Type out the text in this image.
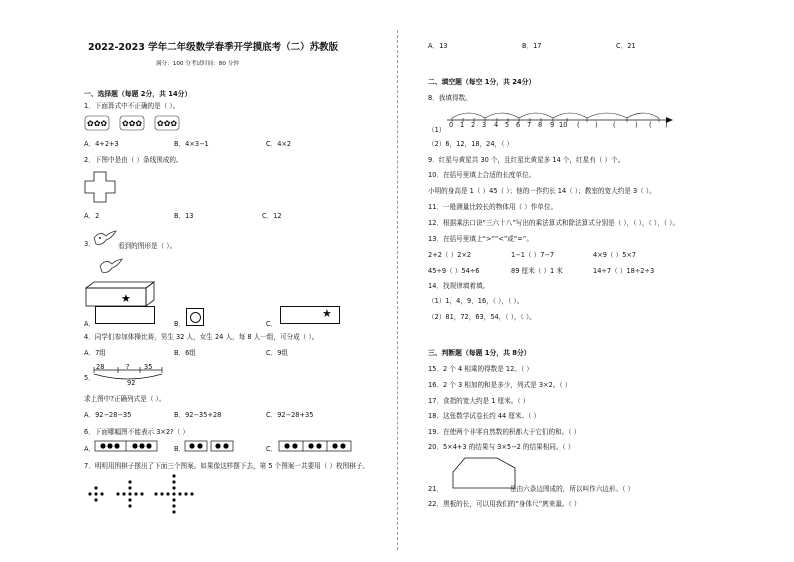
2022-2023 学年二年级数学春季开学摸底考（二）苏教版
满分：100 分考试时间：80 分钟
一、选择题（每题 2分，共 14分）
1．下面算式中不正确的是（ ）。
✿✿✿ ✿✿✿ ✿✿✿
A．4+2+3	B．4×3−1	C．4×2
2．下图中是由（ ）条线围成的。
A．2	B．13	C．12
3．	看到的图形是（ ）。
★
A．	B．	C．
★
4．同学们参加体操比赛，男生 32 人，女生 24 人，每 8 人一组，可分成（ ）。
A．7组	B．6组	C．9组
5．
28	? 35
92
求上图中?正确列式是（ ）。
A．92−28−35	B．92−35+28	C．92−28+35
6．下面哪幅图不能表示 3×2?（ ）
A．	B．	C．
7．明明用围棋子摆出了下面三个图案。如果像这样摆下去，第 5 个图案一共要用（ ）枚围棋子。
A．13	B．17	C．21
二、填空题（每空 1分，共 24分）
8．我填得数。
（1）
0 1 2 3 4 5 6 7 8 9 10 ( ) (	) ( )
（2）6，12，18，24，（ ）
9．红星与黄星共 30 个，且红星比黄星多 14 个，红星有（ ）个。
10．在括号里填上合适的长度单位。
小明的身高是 1（ ）45（ ）；他的一拃约长 14（ ）；教室的宽大约是 3（ ）。
11．一般测量比较长的物体用（ ）作单位。
12．根据乘法口诀“三六十八”写出的乘法算式和除法算式分别是（ ），（ ），（ ），（ ）。
13．在括号里填上“>”“<”或“=”。
2+2（ ）2×2	1−1（ ）7−7	4×9（ ）5×7
45÷9（ ）54÷6	89 厘米（ ）1 米	14÷7（ ）18÷2÷3
14．找规律填着填。
（1）1，4，9，16，（ ），（ ）。
（2）81，72，63，54，（ ），（ ）。
三、判断题（每题 1分，共 8分）
15．2 个 4 相乘的得数是 12。（ ）
16．2 个 3 相加的和是多少，列式是 3×2。（ ）
17．食指的宽大约是 1 厘米。（ ）
18．这张数学试卷长约 44 厘米。（ ）
19．在使两个非零自然数的积都大于它们的和。（ ）
20．5×4+3 的结果与 3×5−2 的结果相同。（ ）
21．	是由六条边围成的，所以叫作六边形。（ ）
22．黑板的长，可以用我们的“身体尺”庹来量。（ ）
